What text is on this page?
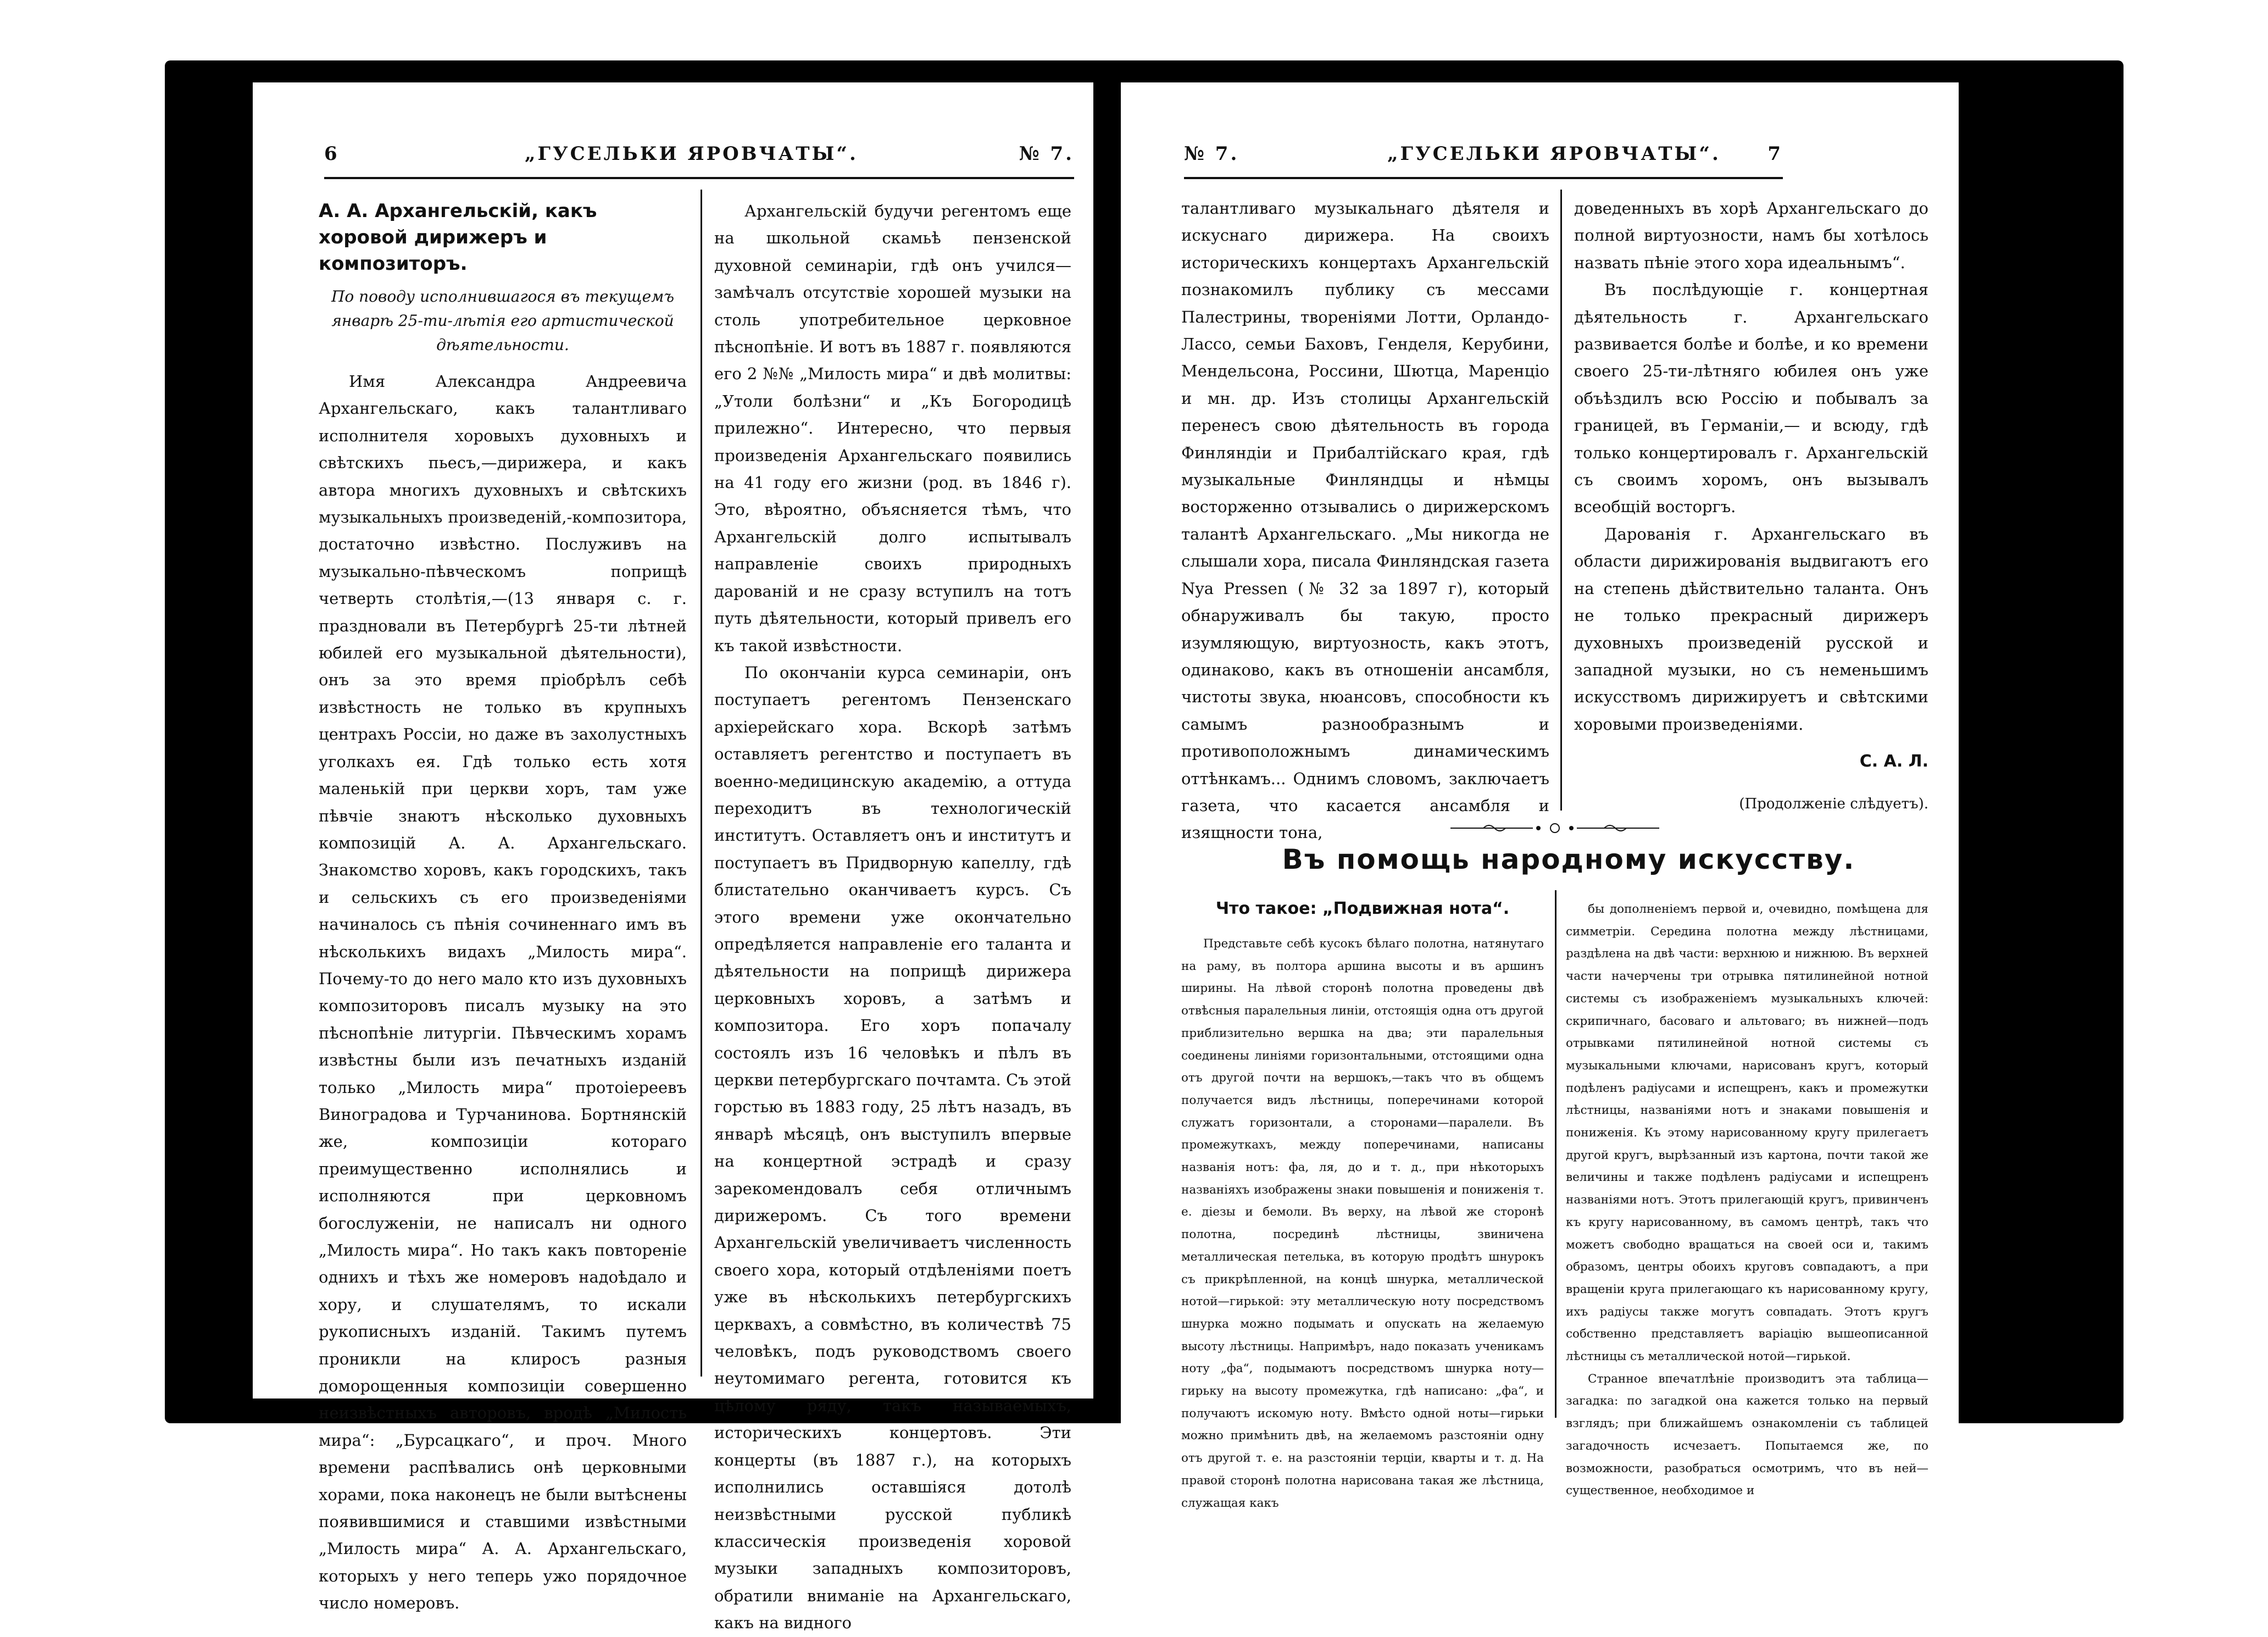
6	„ГУСЕЛЬКИ ЯРОВЧАТЫ“.	№ 7.
А. А. Архангельскій, какъ хоровой дирижеръ и композиторъ.
По поводу исполнившагося въ текущемъ январѣ 25-ти-лѣтія его артистической дѣятельности.

Имя Александра Андреевича Архангельскаго, какъ талантливаго исполнителя хоровыхъ духовныхъ и свѣтскихъ пьесъ,—дирижера, и какъ автора многихъ духовныхъ и свѣтскихъ музыкальныхъ произведеній,-композитора, достаточно извѣстно. Послуживъ на музыкально-пѣвческомъ поприщѣ четверть столѣтія,—(13 января с. г. праздновали въ Петербургѣ 25-ти лѣтней юбилей его музыкальной дѣятельности), онъ за это время пріобрѣлъ себѣ извѣстность не только въ крупныхъ центрахъ Россіи, но даже въ захолустныхъ уголкахъ ея. Гдѣ только есть хотя маленькій при церкви хоръ, там уже пѣвчіе знаютъ нѣсколько духовныхъ композицій А. А. Архангельскаго. Знакомство хоровъ, какъ городскихъ, такъ и сельскихъ съ его произведеніями начиналось съ пѣнія сочиненнаго имъ въ нѣсколькихъ видахъ „Милость мира“. Почему-то до него мало кто изъ духовныхъ композиторовъ писалъ музыку на это пѣснопѣніе литургіи. Пѣвческимъ хорамъ извѣстны были изъ печатныхъ изданій только „Милость мира“ протоіереевъ Виноградова и Турчанинова. Бортнянскій же, композиціи котораго преимущественно исполнялись и исполняются при церковномъ богослуженіи, не написалъ ни одного „Милость мира“. Но такъ какъ повтореніе однихъ и тѣхъ же номеровъ надоѣдало и хору, и слушателямъ, то искали рукописныхъ изданій. Такимъ путемъ проникли на клиросъ разныя доморощенныя композиціи совершенно неизвѣстныхъ авторовъ, вродѣ „Милость мира“: „Бурсацкаго“, и проч. Много времени распѣвались онѣ церковными хорами, пока наконецъ не были вытѣснены появившимися и ставшими извѣстными „Милость мира“ А. А. Архангельскаго, которыхъ у него теперь ужо порядочное число номеровъ.

Архангельскій будучи регентомъ еще на школьной скамьѣ пензенской духовной семинаріи, гдѣ онъ учился—замѣчалъ отсутствіе хорошей музыки на столь употребительное церковное пѣснопѣніе. И вотъ въ 1887 г. появляются его 2 №№ „Милость мира“ и двѣ молитвы: „Утоли болѣзни“ и „Къ Богородицѣ прилежно“. Интересно, что первыя произведенія Архангельскаго появились на 41 году его жизни (род. въ 1846 г). Это, вѣроятно, объясняется тѣмъ, что Архангельскій долго испытывалъ направленіе своихъ природныхъ дарованій и не сразу вступилъ на тотъ путь дѣятельности, который привелъ его къ такой извѣстности.

По окончаніи курса семинаріи, онъ поступаетъ регентомъ Пензенскаго архіерейскаго хора. Вскорѣ затѣмъ оставляетъ регентство и поступаетъ въ военно-медицинскую академію, а оттуда переходитъ въ технологическій институтъ. Оставляетъ онъ и институтъ и поступаетъ въ Придворную капеллу, гдѣ блистательно оканчиваетъ курсъ. Съ этого времени уже окончательно опредѣляется направленіе его таланта и дѣятельности на поприщѣ дирижера церковныхъ хоровъ, а затѣмъ и композитора. Его хоръ попачалу состоялъ изъ 16 человѣкъ и пѣлъ въ церкви петербургскаго почтамта. Съ этой горстью въ 1883 году, 25 лѣтъ назадъ, въ январѣ мѣсяцѣ, онъ выступилъ впервые на концертной эстрадѣ и сразу зарекомендовалъ себя отличнымъ дирижеромъ. Съ того времени Архангельскій увеличиваетъ численность своего хора, который отдѣленіями поетъ уже въ нѣсколькихъ петербургскихъ церквахъ, а совмѣстно, въ количествѣ 75 человѣкъ, подъ руководствомъ своего неутомимаго регента, готовится къ цѣлому ряду, такъ называемыхъ, историческихъ концертовъ. Эти концерты (въ 1887 г.), на которыхъ исполнились оставшіяся дотолѣ неизвѣстными русской публикѣ классическія произведенія хоровой музыки западныхъ композиторовъ, обратили вниманіе на Архангельскаго, какъ на видного

№ 7.	„ГУСЕЛЬКИ ЯРОВЧАТЫ“.	7

талантливаго музыкальнаго дѣятеля и искуснаго дирижера. На своихъ историческихъ концертахъ Архангельскій познакомилъ публику съ мессами Палестрины, твореніями Лотти, Орландо-Лассо, семьи Баховъ, Генделя, Керубини, Мендельсона, Россини, Шютца, Маренціо и мн. др. Изъ столицы Архангельскій перенесъ свою дѣятельность въ города Финляндіи и Прибалтійскаго края, гдѣ музыкальные Финляндцы и нѣмцы восторженно отзывались о дирижерскомъ талантѣ Архангельскаго. „Мы никогда не слышали хора, писала Финляндская газета Nya Pressen (№ 32 за 1897 г), который обнаруживалъ бы такую, просто изумляющую, виртуозность, какъ этотъ, одинаково, какъ въ отношеніи ансамбля, чистоты звука, нюансовъ, способности къ самымъ разнообразнымъ и противоположнымъ динамическимъ оттѣнкамъ... Однимъ словомъ, заключаетъ газета, что касается ансамбля и изящности тона,

доведенныхъ въ хорѣ Архангельскаго до полной виртуозности, намъ бы хотѣлось назвать пѣніе этого хора идеальнымъ“.

Въ послѣдующіе г. концертная дѣятельность г. Архангельскаго развивается болѣе и болѣе, и ко времени своего 25-ти-лѣтняго юбилея онъ уже объѣздилъ всю Россію и побывалъ за границей, въ Германіи,— и всюду, гдѣ только концертировалъ г. Архангельскій съ своимъ хоромъ, онъ вызывалъ всеобщій восторгъ.

Дарованія г. Архангельскаго въ области дирижированія выдвигаютъ его на степень дѣйствительно таланта. Онъ не только прекрасный дирижеръ духовныхъ произведеній русской и западной музыки, но съ неменьшимъ искусствомъ дирижируетъ и свѣтскими хоровыми произведеніями.

С. А. Л.
(Продолженіе слѣдуетъ).
Въ помощь народному искусству.
Что такое: „Подвижная нота“.

Представьте себѣ кусокъ бѣлаго полотна, натянутаго на раму, въ полтора аршина высоты и въ аршинъ ширины. На лѣвой сторонѣ полотна проведены двѣ отвѣсныя паралельныя линіи, отстоящія одна отъ другой приблизительно вершка на два; эти паралельныя соединены линіями горизонтальными, отстоящими одна отъ другой почти на вершокъ,—такъ что въ общемъ получается видъ лѣстницы, поперечинами которой служатъ горизонтали, а сторонами—паралели. Въ промежуткахъ, между поперечинами, написаны названія нотъ: фа, ля, до и т. д., при нѣкоторыхъ названіяхъ изображены знаки повышенія и пониженія т. е. діезы и бемоли. Въ верху, на лѣвой же сторонѣ полотна, посрединѣ лѣстницы, звиничена металлическая петелька, въ которую продѣтъ шнурокъ съ прикрѣпленной, на концѣ шнурка, металлической нотой—гирькой: эту металлическую ноту посредствомъ шнурка можно подымать и опускать на желаемую высоту лѣстницы. Напримѣръ, надо показать ученикамъ ноту „фа“, подымаютъ посредствомъ шнурка ноту—гирьку на высоту промежутка, гдѣ написано: „фа“, и получаютъ искомую ноту. Вмѣсто одной ноты—гирьки можно примѣнить двѣ, на желаемомъ разстояніи одну отъ другой т. е. на разстояніи терціи, кварты и т. д. На правой сторонѣ полотна нарисована такая же лѣстница, служащая какъ

бы дополненіемъ первой и, очевидно, помѣщена для симметріи. Середина полотна между лѣстницами, раздѣлена на двѣ части: верхнюю и нижнюю. Въ верхней части начерчены три отрывка пятилинейной нотной системы съ изображеніемъ музыкальныхъ ключей: скрипичнаго, басоваго и альтоваго; въ нижней—подъ отрывками пятилинейной нотной системы съ музыкальными ключами, нарисованъ кругъ, который подѣленъ радіусами и испещренъ, какъ и промежутки лѣстницы, названіями нотъ и знаками повышенія и пониженія. Къ этому нарисованному кругу прилегаетъ другой кругъ, вырѣзанный изъ картона, почти такой же величины и также подѣленъ радіусами и испещренъ названіями нотъ. Этотъ прилегающій кругъ, привинченъ къ кругу нарисованному, въ самомъ центрѣ, такъ что можетъ свободно вращаться на своей оси и, такимъ образомъ, центры обоихъ круговъ совпадаютъ, а при вращеніи круга прилегающаго къ нарисованному кругу, ихъ радіусы также могутъ совпадать. Этотъ кругъ собственно представляетъ варіацію вышеописанной лѣстницы съ металлической нотой—гирькой.

Странное впечатлѣніе производитъ эта таблица—загадка: по загадкой она кажется только на первый взглядъ; при ближайшемъ ознакомленіи съ таблицей загадочность исчезаетъ. Попытаемся же, по возможности, разобраться осмотримъ, что въ ней—существенное, необходимое и
